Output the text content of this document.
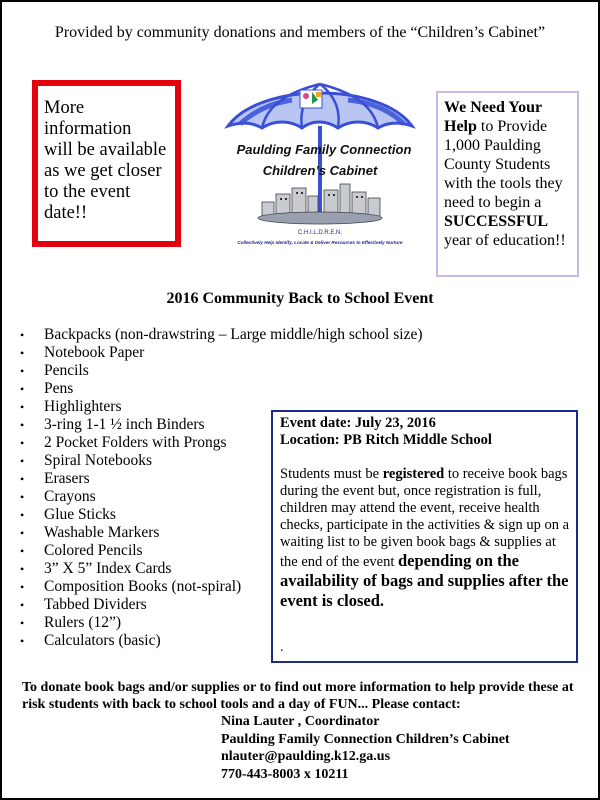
Provided by community donations and members of the “Children’s Cabinet”
More information
will be available
as we get closer
to the event date!!
Paulding Family Connection
Children’s Cabinet
C.H.I.L.D.R.E.N.
Collectively Help Identify, Locate & Deliver Resources to Effectively Nurture
We Need Your
Help to Provide
1,000 Paulding
County Students
with the tools they
need to begin a
SUCCESSFUL
year of education!!
2016 Community Back to School Event
• Backpacks (non-drawstring – Large middle/high school size)
• Notebook Paper
• Pencils
• Pens
• Highlighters
• 3-ring 1-1 ½ inch Binders
• 2 Pocket Folders with Prongs
• Spiral Notebooks
• Erasers
• Crayons
• Glue Sticks
• Washable Markers
• Colored Pencils
• 3” X 5” Index Cards
• Composition Books (not-spiral)
• Tabbed Dividers
• Rulers (12”)
• Calculators (basic)
Event date: July 23, 2016
Location: PB Ritch Middle School

Students must be registered to receive book bags during the event but, once registration is full, children may attend the event, receive health checks, participate in the activities & sign up on a waiting list to be given book bags & supplies at the end of the event depending on the availability of bags and supplies after the event is closed.

.
To donate book bags and/or supplies or to find out more information to help provide these at risk students with back to school tools and a day of FUN... Please contact:
Nina Lauter , Coordinator
Paulding Family Connection Children’s Cabinet
nlauter@paulding.k12.ga.us
770-443-8003 x 10211
